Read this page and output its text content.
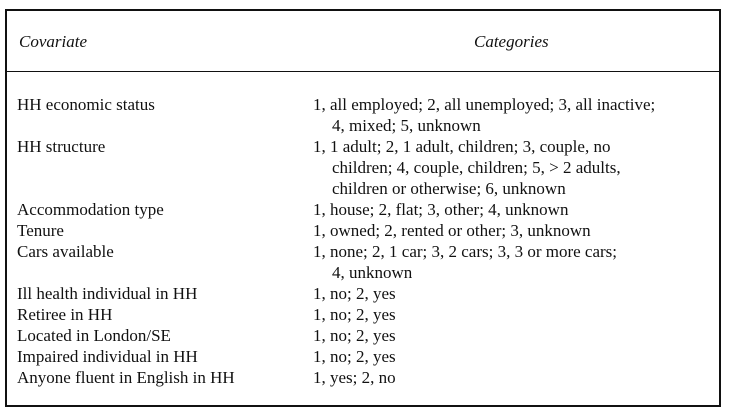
Covariate	Categories
HH economic status	1, all employed; 2, all unemployed; 3, all inactive;
4, mixed; 5, unknown
HH structure	1, 1 adult; 2, 1 adult, children; 3, couple, no
children; 4, couple, children; 5, > 2 adults,
children or otherwise; 6, unknown
Accommodation type	1, house; 2, flat; 3, other; 4, unknown
Tenure	1, owned; 2, rented or other; 3, unknown
Cars available	1, none; 2, 1 car; 3, 2 cars; 3, 3 or more cars;
4, unknown
Ill health individual in HH	1, no; 2, yes
Retiree in HH	1, no; 2, yes
Located in London/SE	1, no; 2, yes
Impaired individual in HH	1, no; 2, yes
Anyone fluent in English in HH	1, yes; 2, no
